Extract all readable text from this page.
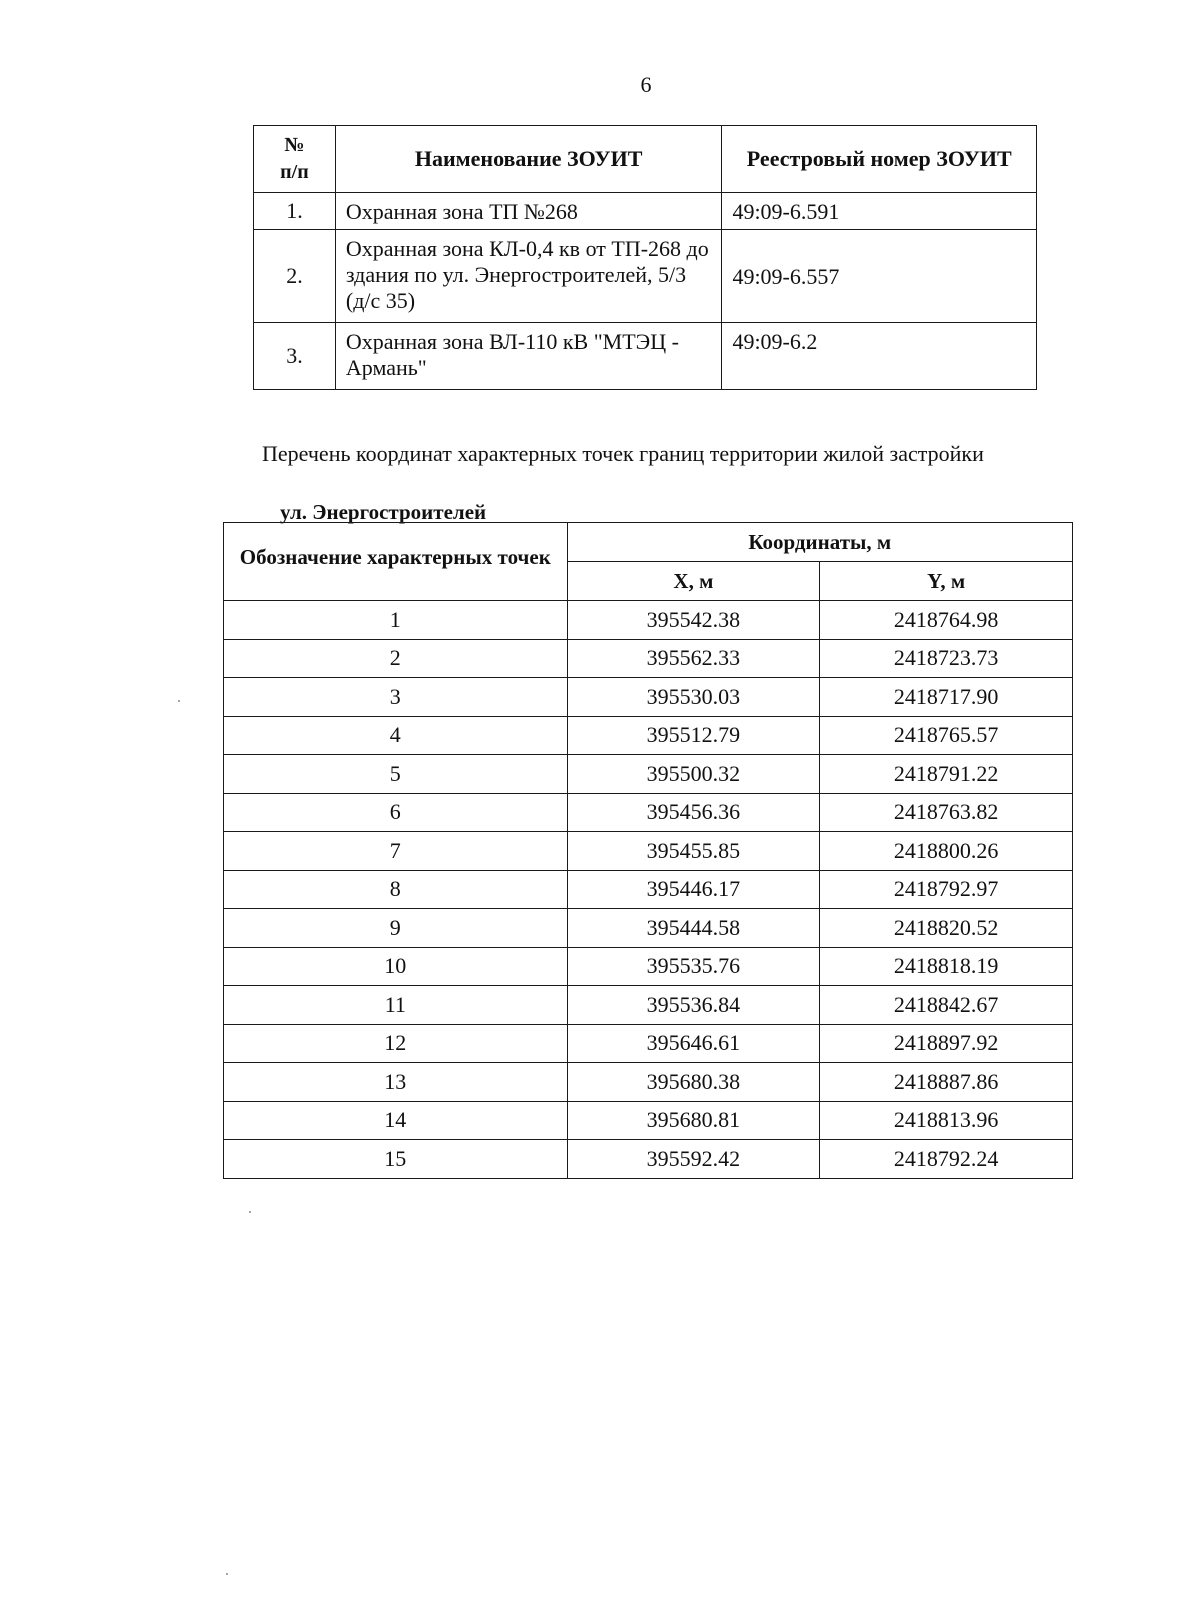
6
№ п/п	Наименование ЗОУИТ	Реестровый номер ЗОУИТ
1.	Охранная зона ТП №268	49:09-6.591
2.	Охранная зона КЛ-0,4 кв от ТП-268 до здания по ул. Энергостроителей, 5/3 (д/с 35)	49:09-6.557
3.	Охранная зона ВЛ-110 кВ "МТЭЦ - Армань"	49:09-6.2
Перечень координат характерных точек границ территории жилой застройки
ул. Энергостроителей
Обозначение характерных точек	Координаты, м	
	X, м	Y, м
1	395542.38	2418764.98
2	395562.33	2418723.73
3	395530.03	2418717.90
4	395512.79	2418765.57
5	395500.32	2418791.22
6	395456.36	2418763.82
7	395455.85	2418800.26
8	395446.17	2418792.97
9	395444.58	2418820.52
10	395535.76	2418818.19
11	395536.84	2418842.67
12	395646.61	2418897.92
13	395680.38	2418887.86
14	395680.81	2418813.96
15	395592.42	2418792.24
